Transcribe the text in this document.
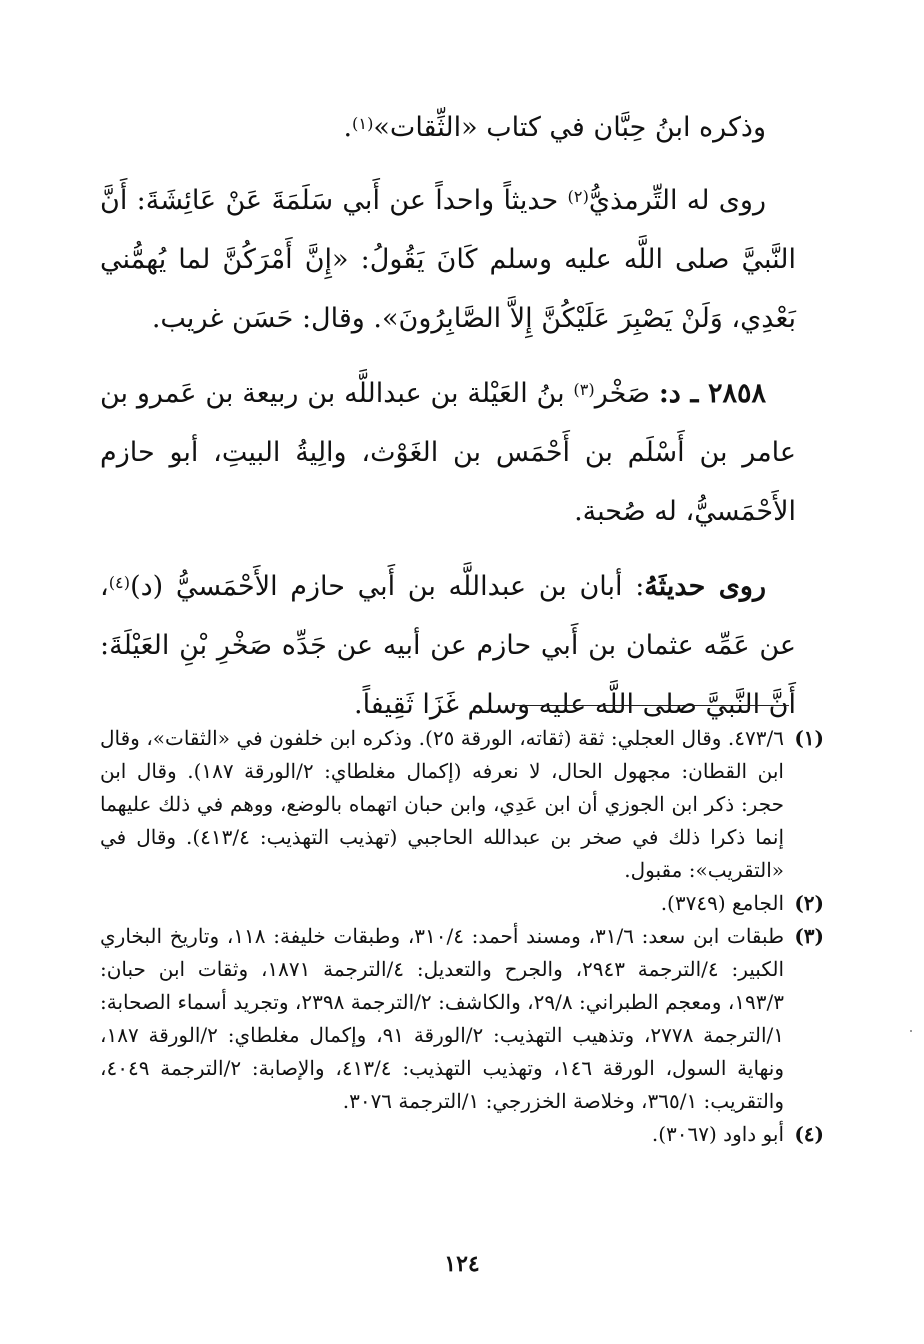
وذكره ابنُ حِبَّان في كتاب «الثِّقات»$^{(١)}$.

روى له التِّرمذيُّ$^{(٢)}$ حديثاً واحداً عن أَبي سَلَمَةَ عَنْ عَائِشَةَ: أَنَّ النَّبيَّ صلى اللَّه عليه وسلم كَانَ يَقُولُ: «إِنَّ أَمْرَكُنَّ لما يُهمُّني بَعْدِي، وَلَنْ يَصْبِرَ عَلَيْكُنَّ إِلاَّ الصَّابِرُونَ». وقال: حَسَن غريب.

٢٨٥٨ ـ د: صَخْر$^{(٣)}$ بنُ العَيْلة بن عبداللَّه بن ربيعة بن عَمرو بن عامر بن أَسْلَم بن أَحْمَس بن الغَوْث، والِيةُ البيتِ، أبو حازم الأَحْمَسيُّ، له صُحبة.

روى حديثَهُ: أبان بن عبداللَّه بن أَبي حازم الأَحْمَسيُّ (د)$^{(٤)}$، عن عَمِّه عثمان بن أَبي حازم عن أبيه عن جَدِّه صَخْرِ بْنِ العَيْلَةَ: أَنَّ النَّبيَّ صلى اللَّه عليه وسلم غَزَا ثَقِيفاً.

(١)
٤٧٣/٦. وقال العجلي: ثقة (ثقاته، الورقة ٢٥). وذكره ابن خلفون في «الثقات»، وقال ابن القطان: مجهول الحال، لا نعرفه (إكمال مغلطاي: ٢/الورقة ١٨٧). وقال ابن حجر: ذكر ابن الجوزي أن ابن عَدِي، وابن حبان اتهماه بالوضع، ووهم في ذلك عليهما إنما ذكرا ذلك في صخر بن عبدالله الحاجبي (تهذيب التهذيب: ٤١٣/٤). وقال في «التقريب»: مقبول.
(٢)
الجامع (٣٧٤٩).
(٣)
طبقات ابن سعد: ٣١/٦، ومسند أحمد: ٣١٠/٤، وطبقات خليفة: ١١٨، وتاريخ البخاري الكبير: ٤/الترجمة ٢٩٤٣، والجرح والتعديل: ٤/الترجمة ١٨٧١، وثقات ابن حبان: ١٩٣/٣، ومعجم الطبراني: ٢٩/٨، والكاشف: ٢/الترجمة ٢٣٩٨، وتجريد أسماء الصحابة: ١/الترجمة ٢٧٧٨، وتذهيب التهذيب: ٢/الورقة ٩١، وإكمال مغلطاي: ٢/الورقة ١٨٧، ونهاية السول، الورقة ١٤٦، وتهذيب التهذيب: ٤١٣/٤، والإصابة: ٢/الترجمة ٤٠٤٩، والتقريب: ٣٦٥/١، وخلاصة الخزرجي: ١/الترجمة ٣٠٧٦.
(٤)
أبو داود (٣٠٦٧).
١٢٤
